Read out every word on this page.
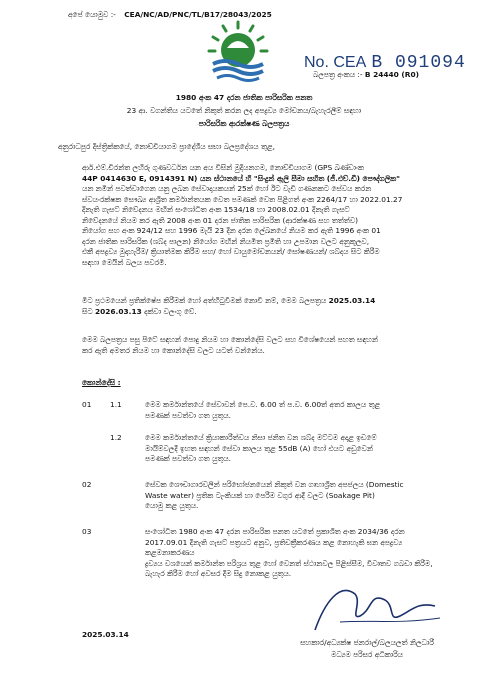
අපේ යොමුව :- CEA/NC/AD/PNC/TL/B17/28043/2025
No. CEA B 091094
බලපත්‍ර අංකය :- B 24440 (R0)
1980 අංක 47 දරන ජාතික පාරිසරික පනත
23 ආ. වගන්තිය යටතේ නිකුත් කරන ලද අපද්‍රව්‍ය මෝචනය/බැහැරලීම් සඳහා
පාරිසරික ආරක්ෂණ බලපත්‍රය
අනුරාධපුර දිස්ත්‍රික්කයේ, නොච්චියාගම ප්‍රාදේශීය සභා බලප්‍රදේශය තුළ,
ආර්.එම්.චිරන්ත ලහිරු ගුණවර්ධන යන අය විසින් මුදියනගම, නොච්චියාගම (GPS ඛණ්ඩාංක
44P 0414630 E, 0914391 N) යන ස්ථානයේ හි "සිංදුන් ඇලි සීමා සහිත (ජී.එච්.ඩී) පෞද්ගලික"
යන නමින් පවත්වාගෙන යනු ලබන සේවාදායකයන් 25ක් හෝ ඊට වැඩි ගණනකට සේවය කරන
ස්වයංරක්ෂක සෞඛ්‍ය ආශ්‍රිත කර්මාන්තයක වෙත පමණක් වෙත පිළිගත් අංක 2264/17 හා 2022.01.27
දිනැති ගැසට් නිවේදනය මඟින් සංශෝධිත අංක 1534/18 හා 2008.02.01 දිනැති ගැසට්
නිවේදනයේ නියම කර ඇති 2008 අංක 01 දරන ජාතික පාරිසරික (ආරක්ෂණ සහ තත්ත්ව)
නියෝග සහ අංක 924/12 සහ 1996 මැයි 23 දින දරන ලේඛනයේ නියම කර ඇති 1996 අංක 01
දරන ජාතික පාරිසරික (ශබ්ද පාලන) නියෝග මඟින් නියමිත ප්‍රමිති හා උපමාන වලට අනුකූලව,
එකී අපද්‍රව්‍ය මුදාහැරීම/ ක්‍රියාත්මක කිරීම සහ/ හෝ වායුමෝචනයන්/ සෝෂණයන්/ ශබ්දය සිට කිරීම
සඳහා මෙයින් බලය පවරමි.
මීට ප්‍රථමයෙන් ප්‍රතික්ෂේප කිරීමක් හෝ අත්හිටුවීමක් නොවී නම්, මෙම බලපත්‍රය 2025.03.14
සිට 2026.03.13 දක්වා වලංගු වේ.
මෙම බලපත්‍රය පසු පිටේ සඳහන් පොදු නියම හා කොන්දේසි වලට සහ විශේෂයෙන් පහත සඳහන්
කර ඇති අමතර නියම හා කොන්දේසි වලට යටත් වන්නේය.
කොන්දේසි :
01	1.1	මෙම කර්මාන්තයේ සේවාවන් පෙ.ව. 6.00 ත් ප.ව. 6.00ත් අතර කාලය තුළ
පමණක් පවත්වා ගත යුතුය.
1.2	මෙම කර්මාන්තයේ ක්‍රියාකාරීත්වය නිසා ජනිත වන ශබ්ද මට්ටම අදාළ ඉඩමේ
මායිම්වලදී ඉහත සඳහන් සේවා කාලය තුළ 55dB (A) හෝ එයට අඩුවෙන්
පමණක් පවත්වා ගත යුතුය.
02	සේවක ශෞචාගාරවලින් පරිභෝජනයෙන් නිකුත් වන ගෘහාශ්‍රිත අපජලය (Domestic
Waste water) ප්‍රතික ටැංකියක් හා පෙරීම වගුර ආදී වලට (Soakage Pit)
යොමු කළ යුතුය.
03	සංශෝධිත 1980 අංක 47 දරන පාරිසරික පනත යටතේ ප්‍රකාශිත අංක 2034/36 දරන
2017.09.01 දිනැති ගැසට් පත්‍රයට අනුව, ප්‍රතිචක්‍රීකරණය කළ නොහැකි ඝන අපද්‍රව්‍ය කළමනාකරණය
ද්‍රව්‍යය වශයෙන් කර්මාන්ත පරිශ්‍රය තුළ හෝ වෙනත් ස්ථානවල පිළිස්සීම, විවෘතව ගබඩා කිරීම,
බැහැර කිරීම හෝ අවසර දීම සිදු නොකළ යුතුය.
2025.03.14
සහකාර/අධ්‍යක්ෂ ජනරාල්/බලයලත් නිලධාරී
මධ්‍යම පරිසර අධිකාරිය
